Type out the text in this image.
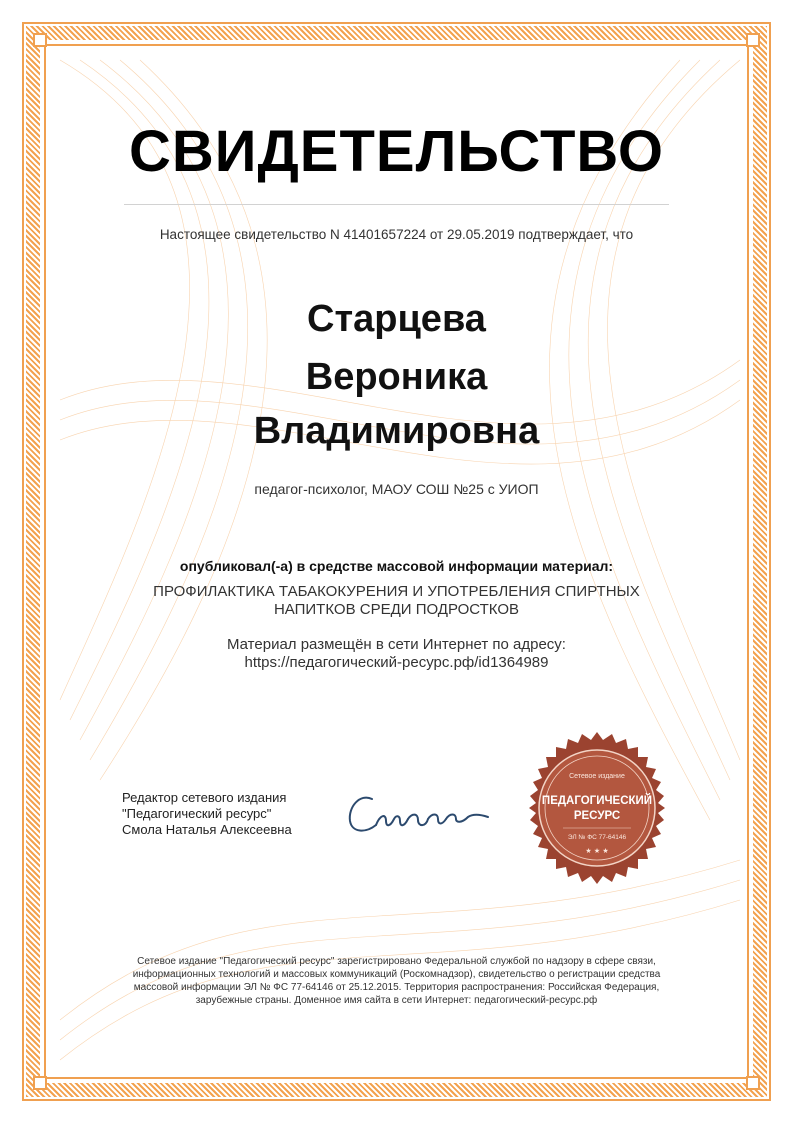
СВИДЕТЕЛЬСТВО
Настоящее свидетельство N 41401657224 от 29.05.2019 подтверждает, что
Старцева
Вероника
Владимировна
педагог-психолог, МАОУ СОШ №25 с УИОП
опубликовал(-а) в средстве массовой информации материал:
ПРОФИЛАКТИКА ТАБАКОКУРЕНИЯ И УПОТРЕБЛЕНИЯ СПИРТНЫХ НАПИТКОВ СРЕДИ ПОДРОСТКОВ
Материал размещён в сети Интернет по адресу:
https://педагогический-ресурс.рф/id1364989
Редактор сетевого издания
"Педагогический ресурс"
Смола Наталья Алексеевна
Сетевое издание
ПЕДАГОГИЧЕСКИЙ
РЕСУРС
ЭЛ № ФС 77-64146
★ ★ ★
Сетевое издание "Педагогический ресурс" зарегистрировано Федеральной службой по надзору в сфере связи, информационных технологий и массовых коммуникаций (Роскомнадзор), свидетельство о регистрации средства массовой информации ЭЛ № ФС 77-64146 от 25.12.2015. Территория распространения: Российская Федерация, зарубежные страны. Доменное имя сайта в сети Интернет: педагогический-ресурс.рф
